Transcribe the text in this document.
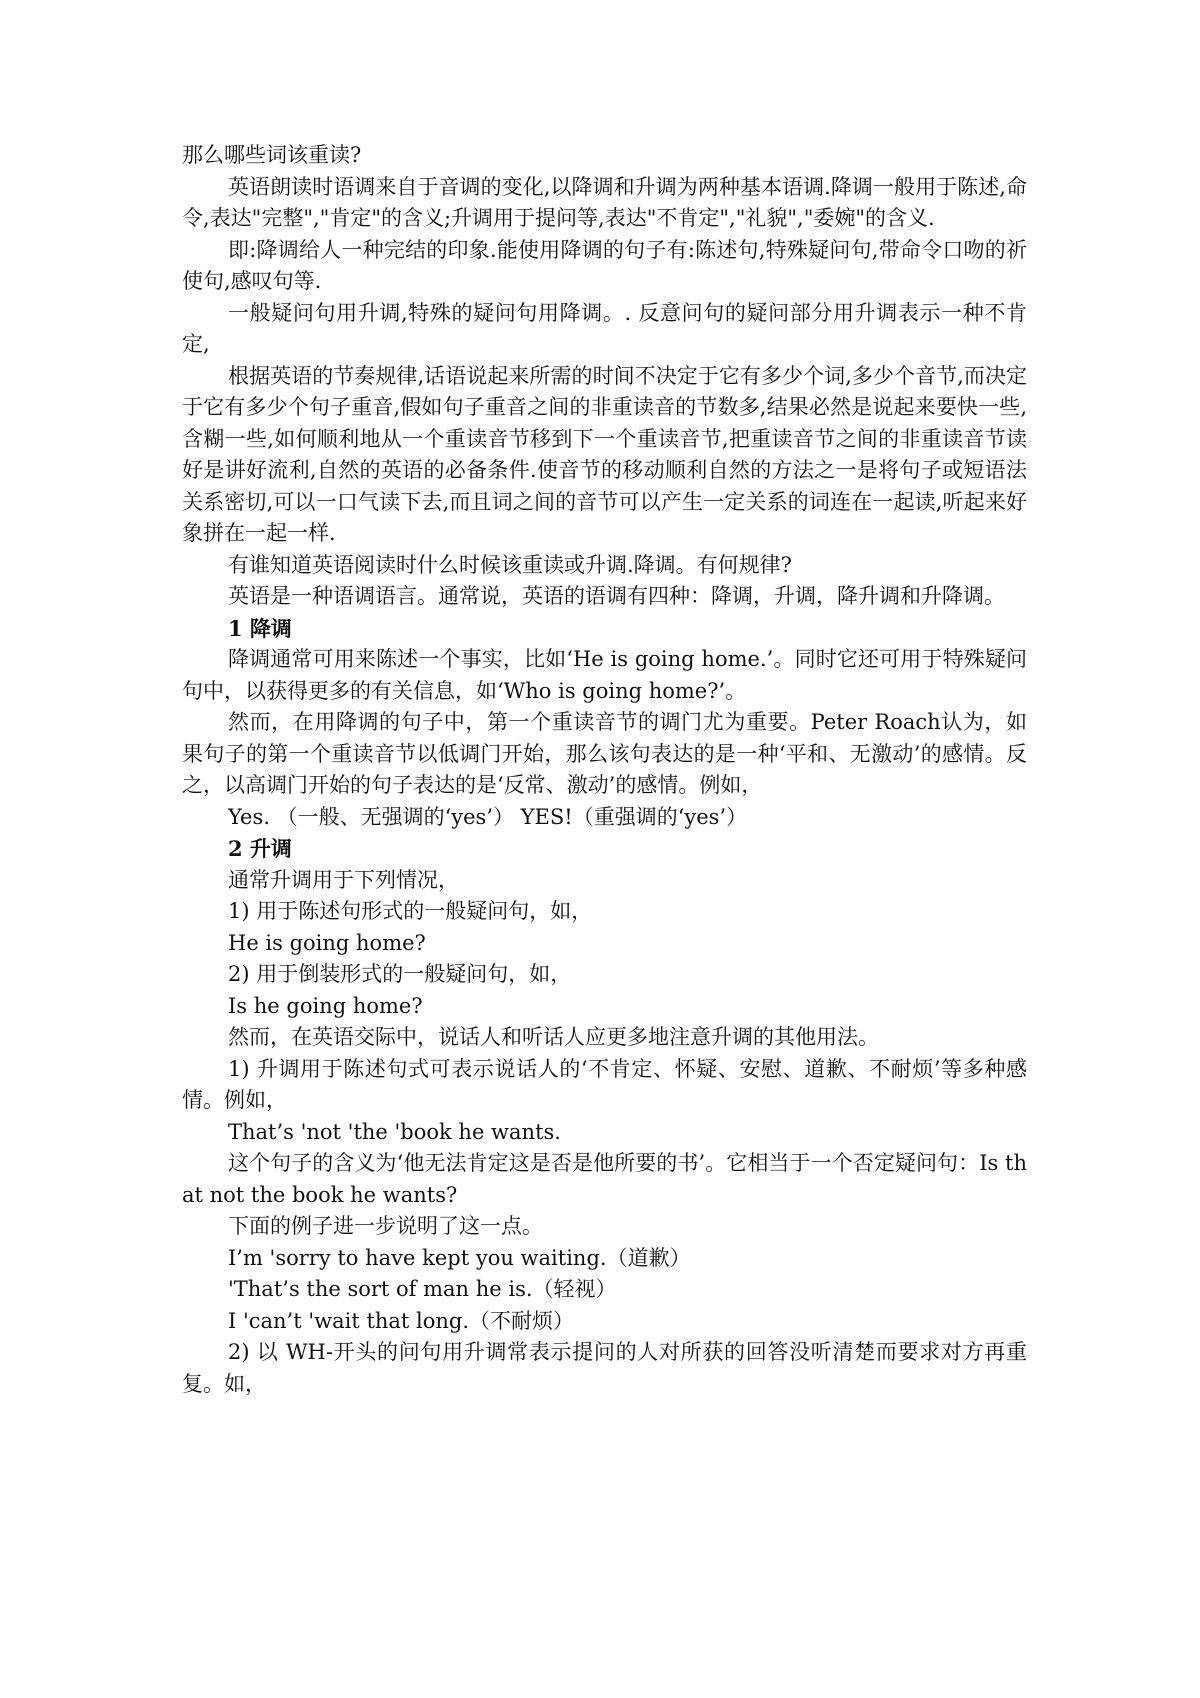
那么哪些词该重读?

英语朗读时语调来自于音调的变化,以降调和升调为两种基本语调.降调一般用于陈述,命令,表达"完整","肯定"的含义;升调用于提问等,表达"不肯定","礼貌","委婉"的含义.

即:降调给人一种完结的印象.能使用降调的句子有:陈述句,特殊疑问句,带命令口吻的祈使句,感叹句等.

一般疑问句用升调,特殊的疑问句用降调。. 反意问句的疑问部分用升调表示一种不肯定,

根据英语的节奏规律,话语说起来所需的时间不决定于它有多少个词,多少个音节,而决定于它有多少个句子重音,假如句子重音之间的非重读音的节数多,结果必然是说起来要快一些,含糊一些,如何顺利地从一个重读音节移到下一个重读音节,把重读音节之间的非重读音节读好是讲好流利,自然的英语的必备条件.使音节的移动顺利自然的方法之一是将句子或短语法关系密切,可以一口气读下去,而且词之间的音节可以产生一定关系的词连在一起读,听起来好象拼在一起一样.

有谁知道英语阅读时什么时候该重读或升调.降调。有何规律?

英语是一种语调语言。通常说，英语的语调有四种：降调，升调，降升调和升降调。

1 降调

降调通常可用来陈述一个事实，比如‘He is going home.’。同时它还可用于特殊疑问句中，以获得更多的有关信息，如‘Who is going home?’。

然而，在用降调的句子中，第一个重读音节的调门尤为重要。Peter Roach认为，如果句子的第一个重读音节以低调门开始，那么该句表达的是一种‘平和、无激动’的感情。反之，以高调门开始的句子表达的是‘反常、激动’的感情。例如，

Yes. （一般、无强调的‘yes’） YES!（重强调的‘yes’）

2 升调

通常升调用于下列情况，

1) 用于陈述句形式的一般疑问句，如，

He is going home?

2) 用于倒装形式的一般疑问句，如，

Is he going home?

然而，在英语交际中，说话人和听话人应更多地注意升调的其他用法。

1) 升调用于陈述句式可表示说话人的‘不肯定、怀疑、安慰、道歉、不耐烦’等多种感情。例如，

That’s 'not 'the 'book he wants.

这个句子的含义为‘他无法肯定这是否是他所要的书’。它相当于一个否定疑问句：Is that not the book he wants?

下面的例子进一步说明了这一点。

I’m 'sorry to have kept you waiting.（道歉）

'That’s the sort of man he is.（轻视）

I 'can’t 'wait that long.（不耐烦）

2) 以 WH-开头的问句用升调常表示提问的人对所获的回答没听清楚而要求对方再重复。如，
